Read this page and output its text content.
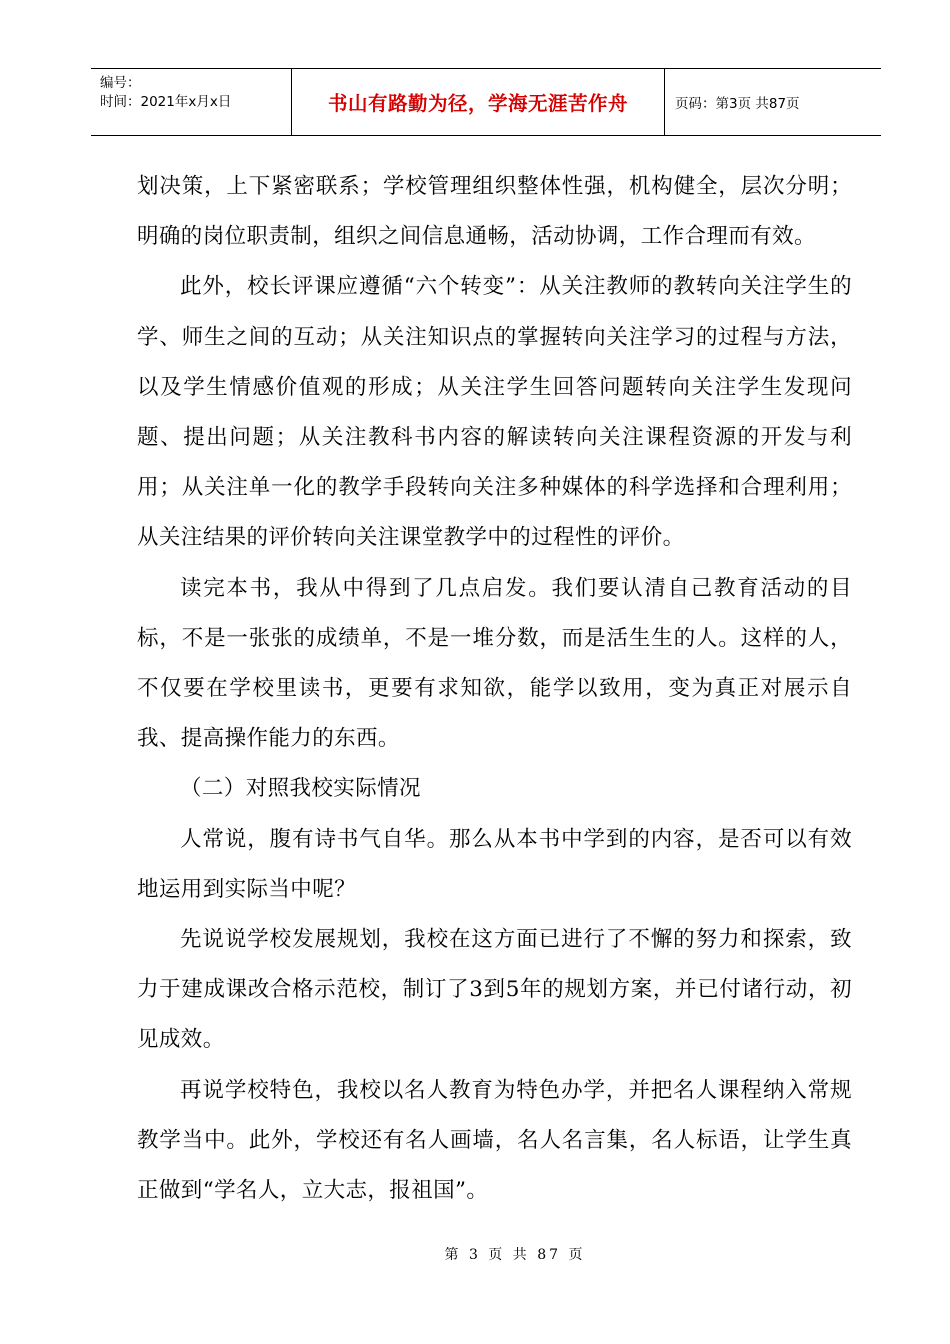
编号：
时间：2021年x月x日	书山有路勤为径，学海无涯苦作舟	页码：第3页 共87页

划决策，上下紧密联系；学校管理组织整体性强，机构健全，层次分明；明确的岗位职责制，组织之间信息通畅，活动协调，工作合理而有效。

此外，校长评课应遵循“六个转变”：从关注教师的教转向关注学生的学、师生之间的互动；从关注知识点的掌握转向关注学习的过程与方法，以及学生情感价值观的形成；从关注学生回答问题转向关注学生发现问题、提出问题；从关注教科书内容的解读转向关注课程资源的开发与利用；从关注单一化的教学手段转向关注多种媒体的科学选择和合理利用；从关注结果的评价转向关注课堂教学中的过程性的评价。

读完本书，我从中得到了几点启发。我们要认清自己教育活动的目标，不是一张张的成绩单，不是一堆分数，而是活生生的人。这样的人，不仅要在学校里读书，更要有求知欲，能学以致用，变为真正对展示自我、提高操作能力的东西。

（二）对照我校实际情况

人常说，腹有诗书气自华。那么从本书中学到的内容，是否可以有效地运用到实际当中呢？

先说说学校发展规划，我校在这方面已进行了不懈的努力和探索，致力于建成课改合格示范校，制订了3到5年的规划方案，并已付诸行动，初见成效。

再说学校特色，我校以名人教育为特色办学，并把名人课程纳入常规教学当中。此外，学校还有名人画墙，名人名言集，名人标语，让学生真正做到“学名人，立大志，报祖国”。

第 3 页 共 87 页
